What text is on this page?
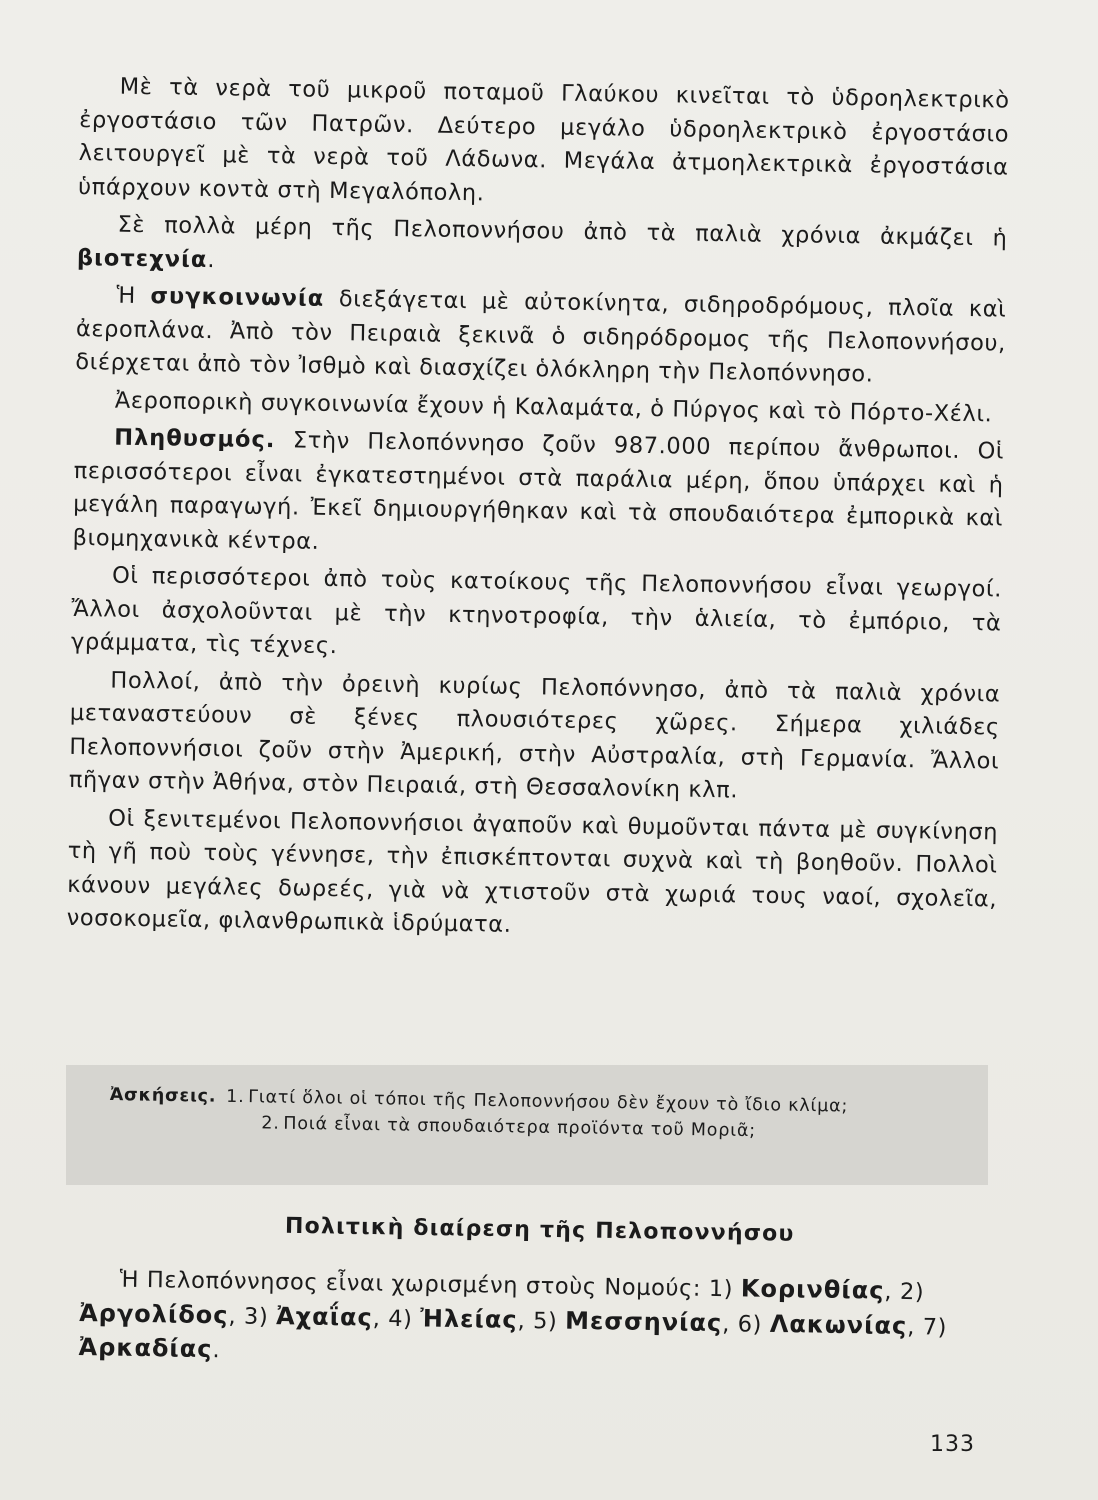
Μὲ τὰ νερὰ τοῦ μικροῦ ποταμοῦ Γλαύκου κινεῖται τὸ ὑδροηλεκτρικὸ ἐργοστάσιο τῶν Πατρῶν. Δεύτερο μεγάλο ὑδροηλεκτρικὸ ἐργοστάσιο λειτουργεῖ μὲ τὰ νερὰ τοῦ Λάδωνα. Μεγάλα ἀτμοηλεκτρικὰ ἐργοστάσια ὑπάρχουν κοντὰ στὴ Μεγαλόπολη.

Σὲ πολλὰ μέρη τῆς Πελοποννήσου ἀπὸ τὰ παλιὰ χρόνια ἀκμάζει ἡ βιοτεχνία.

Ἡ συγκοινωνία διεξάγεται μὲ αὐτοκίνητα, σιδηροδρόμους, πλοῖα καὶ ἀεροπλάνα. Ἀπὸ τὸν Πειραιὰ ξεκινᾶ ὁ σιδηρόδρομος τῆς Πελοποννήσου, διέρχεται ἀπὸ τὸν Ἰσθμὸ καὶ διασχίζει ὁλόκληρη τὴν Πελοπόννησο.

Ἀεροπορικὴ συγκοινωνία ἔχουν ἡ Καλαμάτα, ὁ Πύργος καὶ τὸ Πόρτο-Χέλι.

Πληθυσμός. Στὴν Πελοπόννησο ζοῦν 987.000 περίπου ἄνθρωποι. Οἱ περισσότεροι εἶναι ἐγκατεστημένοι στὰ παράλια μέρη, ὅπου ὑπάρχει καὶ ἡ μεγάλη παραγωγή. Ἐκεῖ δημιουργήθηκαν καὶ τὰ σπουδαιότερα ἐμπορικὰ καὶ βιομηχανικὰ κέντρα.

Οἱ περισσότεροι ἀπὸ τοὺς κατοίκους τῆς Πελοποννήσου εἶναι γεωργοί. Ἄλλοι ἀσχολοῦνται μὲ τὴν κτηνοτροφία, τὴν ἁλιεία, τὸ ἐμπόριο, τὰ γράμματα, τὶς τέχνες.

Πολλοί, ἀπὸ τὴν ὀρεινὴ κυρίως Πελοπόννησο, ἀπὸ τὰ παλιὰ χρόνια μεταναστεύουν σὲ ξένες πλουσιότερες χῶρες. Σήμερα χιλιάδες Πελοποννήσιοι ζοῦν στὴν Ἀμερική, στὴν Αὐστραλία, στὴ Γερμανία. Ἄλλοι πῆγαν στὴν Ἀθήνα, στὸν Πειραιά, στὴ Θεσσαλονίκη κλπ.

Οἱ ξενιτεμένοι Πελοποννήσιοι ἀγαποῦν καὶ θυμοῦνται πάντα μὲ συγκίνηση τὴ γῆ ποὺ τοὺς γέννησε, τὴν ἐπισκέπτονται συχνὰ καὶ τὴ βοηθοῦν. Πολλοὶ κάνουν μεγάλες δωρεές, γιὰ νὰ χτιστοῦν στὰ χωριά τους ναοί, σχολεῖα, νοσοκομεῖα, φιλανθρωπικὰ ἱδρύματα.

Ἀσκήσεις. 1. Γιατί ὅλοι οἱ τόποι τῆς Πελοποννήσου δὲν ἔχουν τὸ ἴδιο κλίμα;
2. Ποιά εἶναι τὰ σπουδαιότερα προϊόντα τοῦ Μοριᾶ;
Πολιτικὴ διαίρεση τῆς Πελοποννήσου
Ἡ Πελοπόννησος εἶναι χωρισμένη στοὺς Νομούς: 1) Κορινθίας, 2) Ἀργολίδος, 3) Ἀχαΐας, 4) Ἠλείας, 5) Μεσσηνίας, 6) Λακωνίας, 7) Ἀρκαδίας.
133
